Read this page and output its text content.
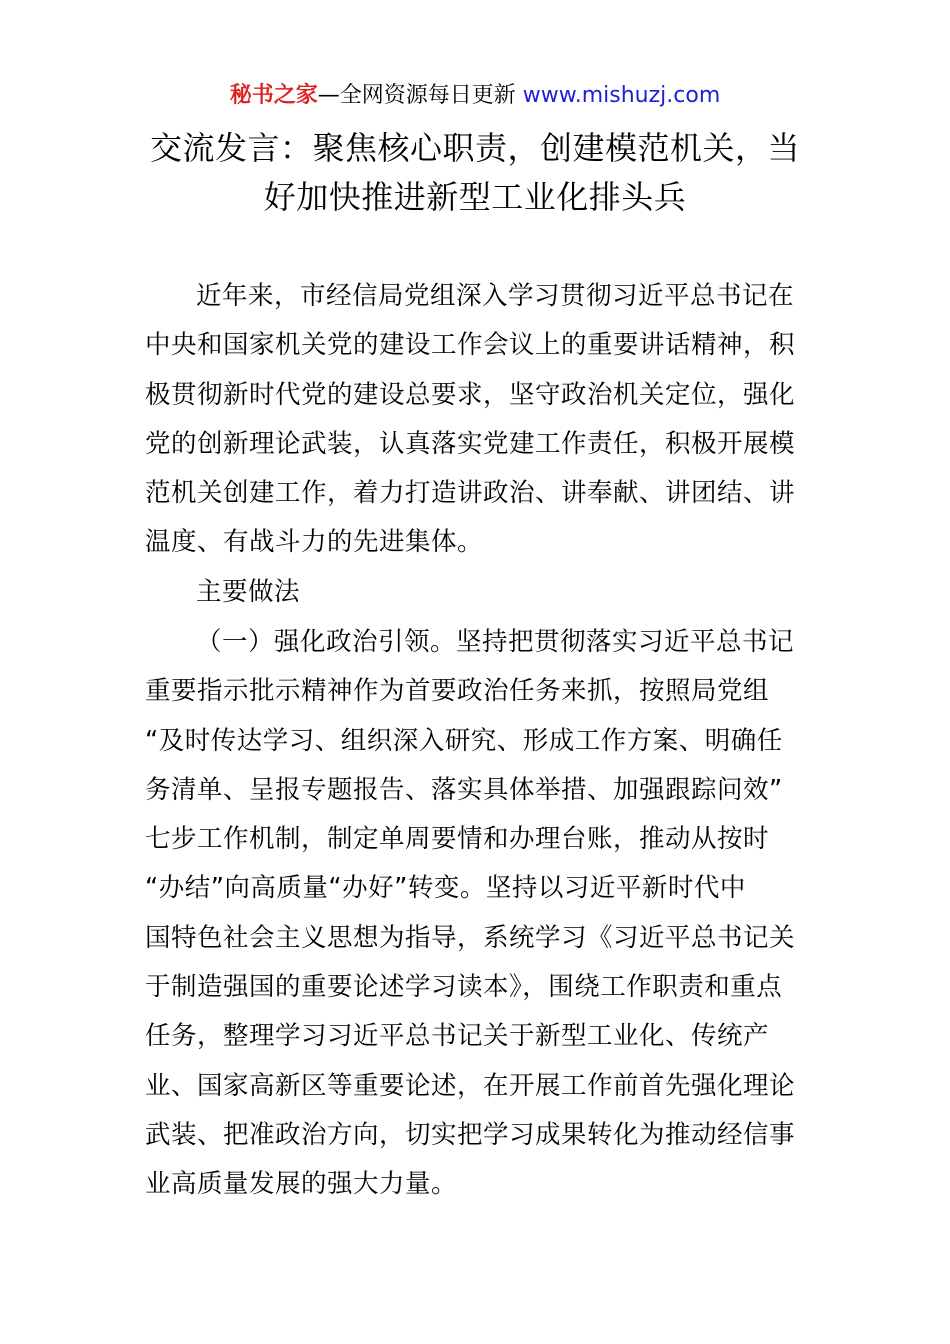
秘书之家—全网资源每日更新 www.mishuzj.com
交流发言：聚焦核心职责，创建模范机关，当
好加快推进新型工业化排头兵
近年来，市经信局党组深入学习贯彻习近平总书记在
中央和国家机关党的建设工作会议上的重要讲话精神，积
极贯彻新时代党的建设总要求，坚守政治机关定位，强化
党的创新理论武装，认真落实党建工作责任，积极开展模
范机关创建工作，着力打造讲政治、讲奉献、讲团结、讲
温度、有战斗力的先进集体。
主要做法
（一）强化政治引领。坚持把贯彻落实习近平总书记
重要指示批示精神作为首要政治任务来抓，按照局党组
“及时传达学习、组织深入研究、形成工作方案、明确任
务清单、呈报专题报告、落实具体举措、加强跟踪问效”
七步工作机制，制定单周要情和办理台账，推动从按时
“办结”向高质量“办好”转变。坚持以习近平新时代中
国特色社会主义思想为指导，系统学习《习近平总书记关
于制造强国的重要论述学习读本》，围绕工作职责和重点
任务，整理学习习近平总书记关于新型工业化、传统产
业、国家高新区等重要论述，在开展工作前首先强化理论
武装、把准政治方向，切实把学习成果转化为推动经信事
业高质量发展的强大力量。
